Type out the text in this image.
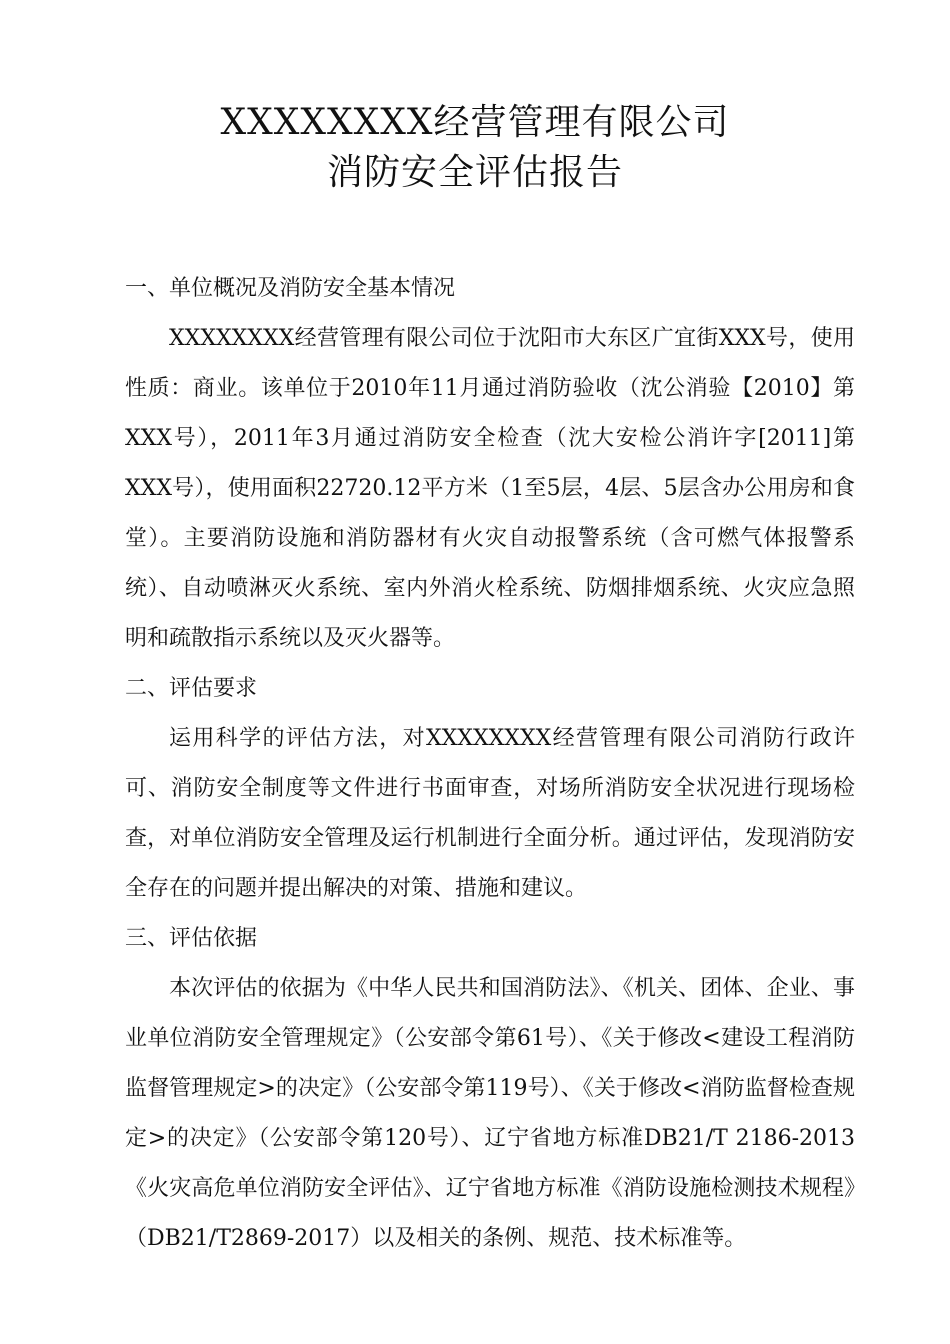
XXXXXXXX经营管理有限公司
消防安全评估报告

一、单位概况及消防安全基本情况

XXXXXXXX经营管理有限公司位于沈阳市大东区广宜街XXX号，使用性质：商业。该单位于2010年11月通过消防验收（沈公消验【2010】第XXX号），2011年3月通过消防安全检查（沈大安检公消许字[2011]第XXX号），使用面积22720.12平方米（1至5层，4层、5层含办公用房和食堂）。主要消防设施和消防器材有火灾自动报警系统（含可燃气体报警系统）、自动喷淋灭火系统、室内外消火栓系统、防烟排烟系统、火灾应急照明和疏散指示系统以及灭火器等。

二、评估要求

运用科学的评估方法，对XXXXXXXX经营管理有限公司消防行政许可、消防安全制度等文件进行书面审查，对场所消防安全状况进行现场检查，对单位消防安全管理及运行机制进行全面分析。通过评估，发现消防安全存在的问题并提出解决的对策、措施和建议。

三、评估依据

本次评估的依据为《中华人民共和国消防法》、《机关、团体、企业、事业单位消防安全管理规定》（公安部令第61号）、《关于修改<建设工程消防监督管理规定>的决定》（公安部令第119号）、《关于修改<消防监督检查规定>的决定》（公安部令第120号）、辽宁省地方标准DB21/T 2186-2013 《火灾高危单位消防安全评估》、辽宁省地方标准《消防设施检测技术规程》（DB21/T2869-2017）以及相关的条例、规范、技术标准等。
